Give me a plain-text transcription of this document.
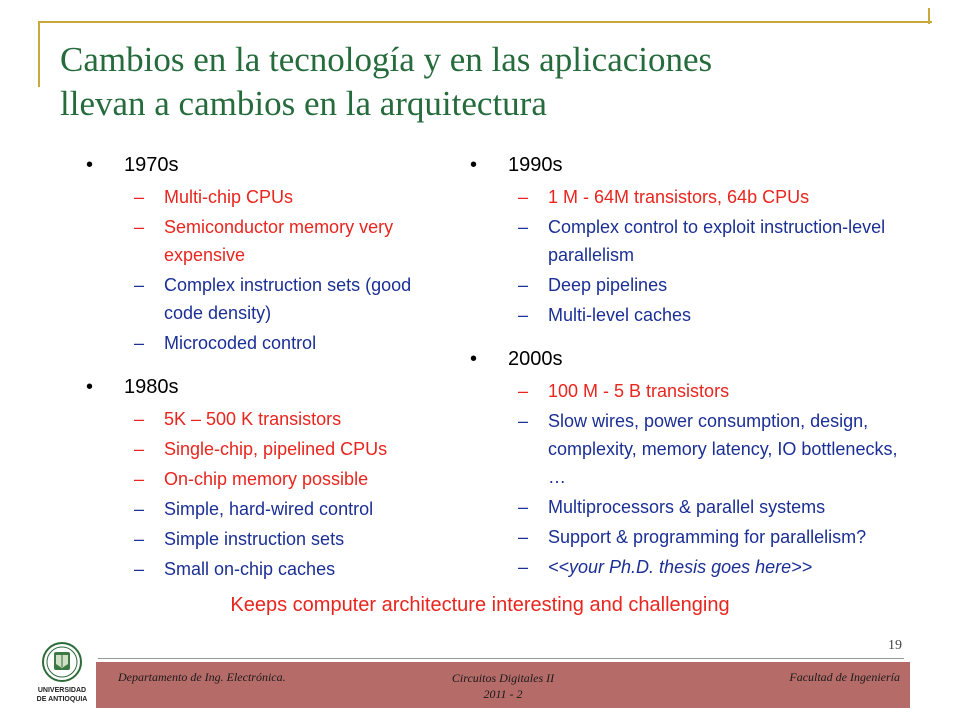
Cambios en la tecnología y en las aplicaciones
llevan a cambios en la arquitectura
•	1970s
–	Multi-chip CPUs
–	Semiconductor memory very expensive
–	Complex instruction sets (good code density)
–	Microcoded control
•	1980s
–	5K – 500 K transistors
–	Single-chip, pipelined CPUs
–	On-chip memory possible
–	Simple, hard-wired control
–	Simple instruction sets
–	Small on-chip caches
•	1990s
–	1 M - 64M transistors, 64b CPUs
–	Complex control to exploit instruction-level parallelism
–	Deep pipelines
–	Multi-level caches
•	2000s
–	100 M - 5 B transistors
–	Slow wires, power consumption, design, complexity, memory latency, IO bottlenecks, …
–	Multiprocessors & parallel systems
–	Support & programming for parallelism?
–	<<your Ph.D. thesis goes here>>
Keeps computer architecture interesting and challenging
19
Departamento de Ing. Electrónica.	Circuitos Digitales II
2011 - 2
Facultad de Ingeniería
UNIVERSIDAD
DE ANTIOQUIA
